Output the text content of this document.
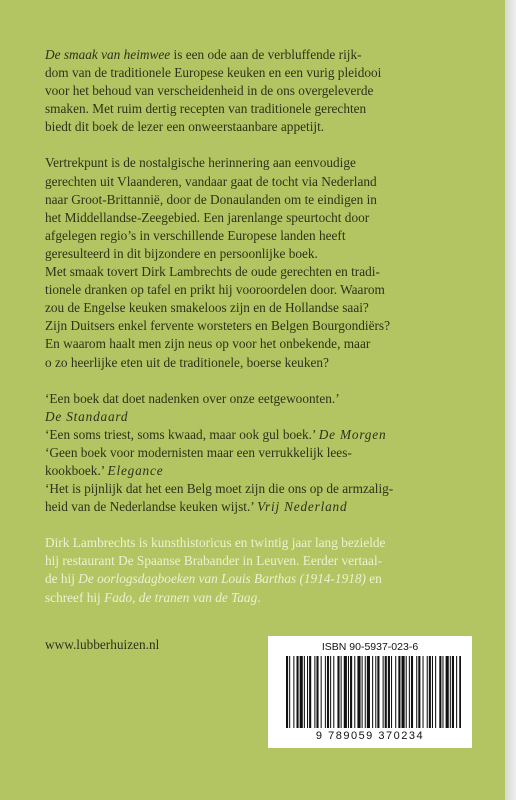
De smaak van heimwee is een ode aan de verbluffende rijk-
dom van de traditionele Europese keuken en een vurig pleidooi
voor het behoud van verscheidenheid in de ons overgeleverde
smaken. Met ruim dertig recepten van traditionele gerechten
biedt dit boek de lezer een onweerstaanbare appetijt.

Vertrekpunt is de nostalgische herinnering aan eenvoudige
gerechten uit Vlaanderen, vandaar gaat de tocht via Nederland
naar Groot-Brittannië, door de Donaulanden om te eindigen in
het Middellandse-Zeegebied. Een jarenlange speurtocht door
afgelegen regio’s in verschillende Europese landen heeft
geresulteerd in dit bijzondere en persoonlijke boek.
Met smaak tovert Dirk Lambrechts de oude gerechten en tradi-
tionele dranken op tafel en prikt hij vooroordelen door. Waarom
zou de Engelse keuken smakeloos zijn en de Hollandse saai?
Zijn Duitsers enkel fervente worsteters en Belgen Bourgondiërs?
En waarom haalt men zijn neus op voor het onbekende, maar
o zo heerlijke eten uit de traditionele, boerse keuken?

‘Een boek dat doet nadenken over onze eetgewoonten.’
De Standaard
‘Een soms triest, soms kwaad, maar ook gul boek.’ De Morgen
‘Geen boek voor modernisten maar een verrukkelijk lees-
kookboek.’ Elegance
‘Het is pijnlijk dat het een Belg moet zijn die ons op de armzalig-
heid van de Nederlandse keuken wijst.’ Vrij Nederland

Dirk Lambrechts is kunsthistoricus en twintig jaar lang bezielde
hij restaurant De Spaanse Brabander in Leuven. Eerder vertaal-
de hij De oorlogsdagboeken van Louis Barthas (1914-1918) en
schreef hij Fado, de tranen van de Taag.

www.lubberhuizen.nl	ISBN 90-5937-023-6
9 789059 370234
